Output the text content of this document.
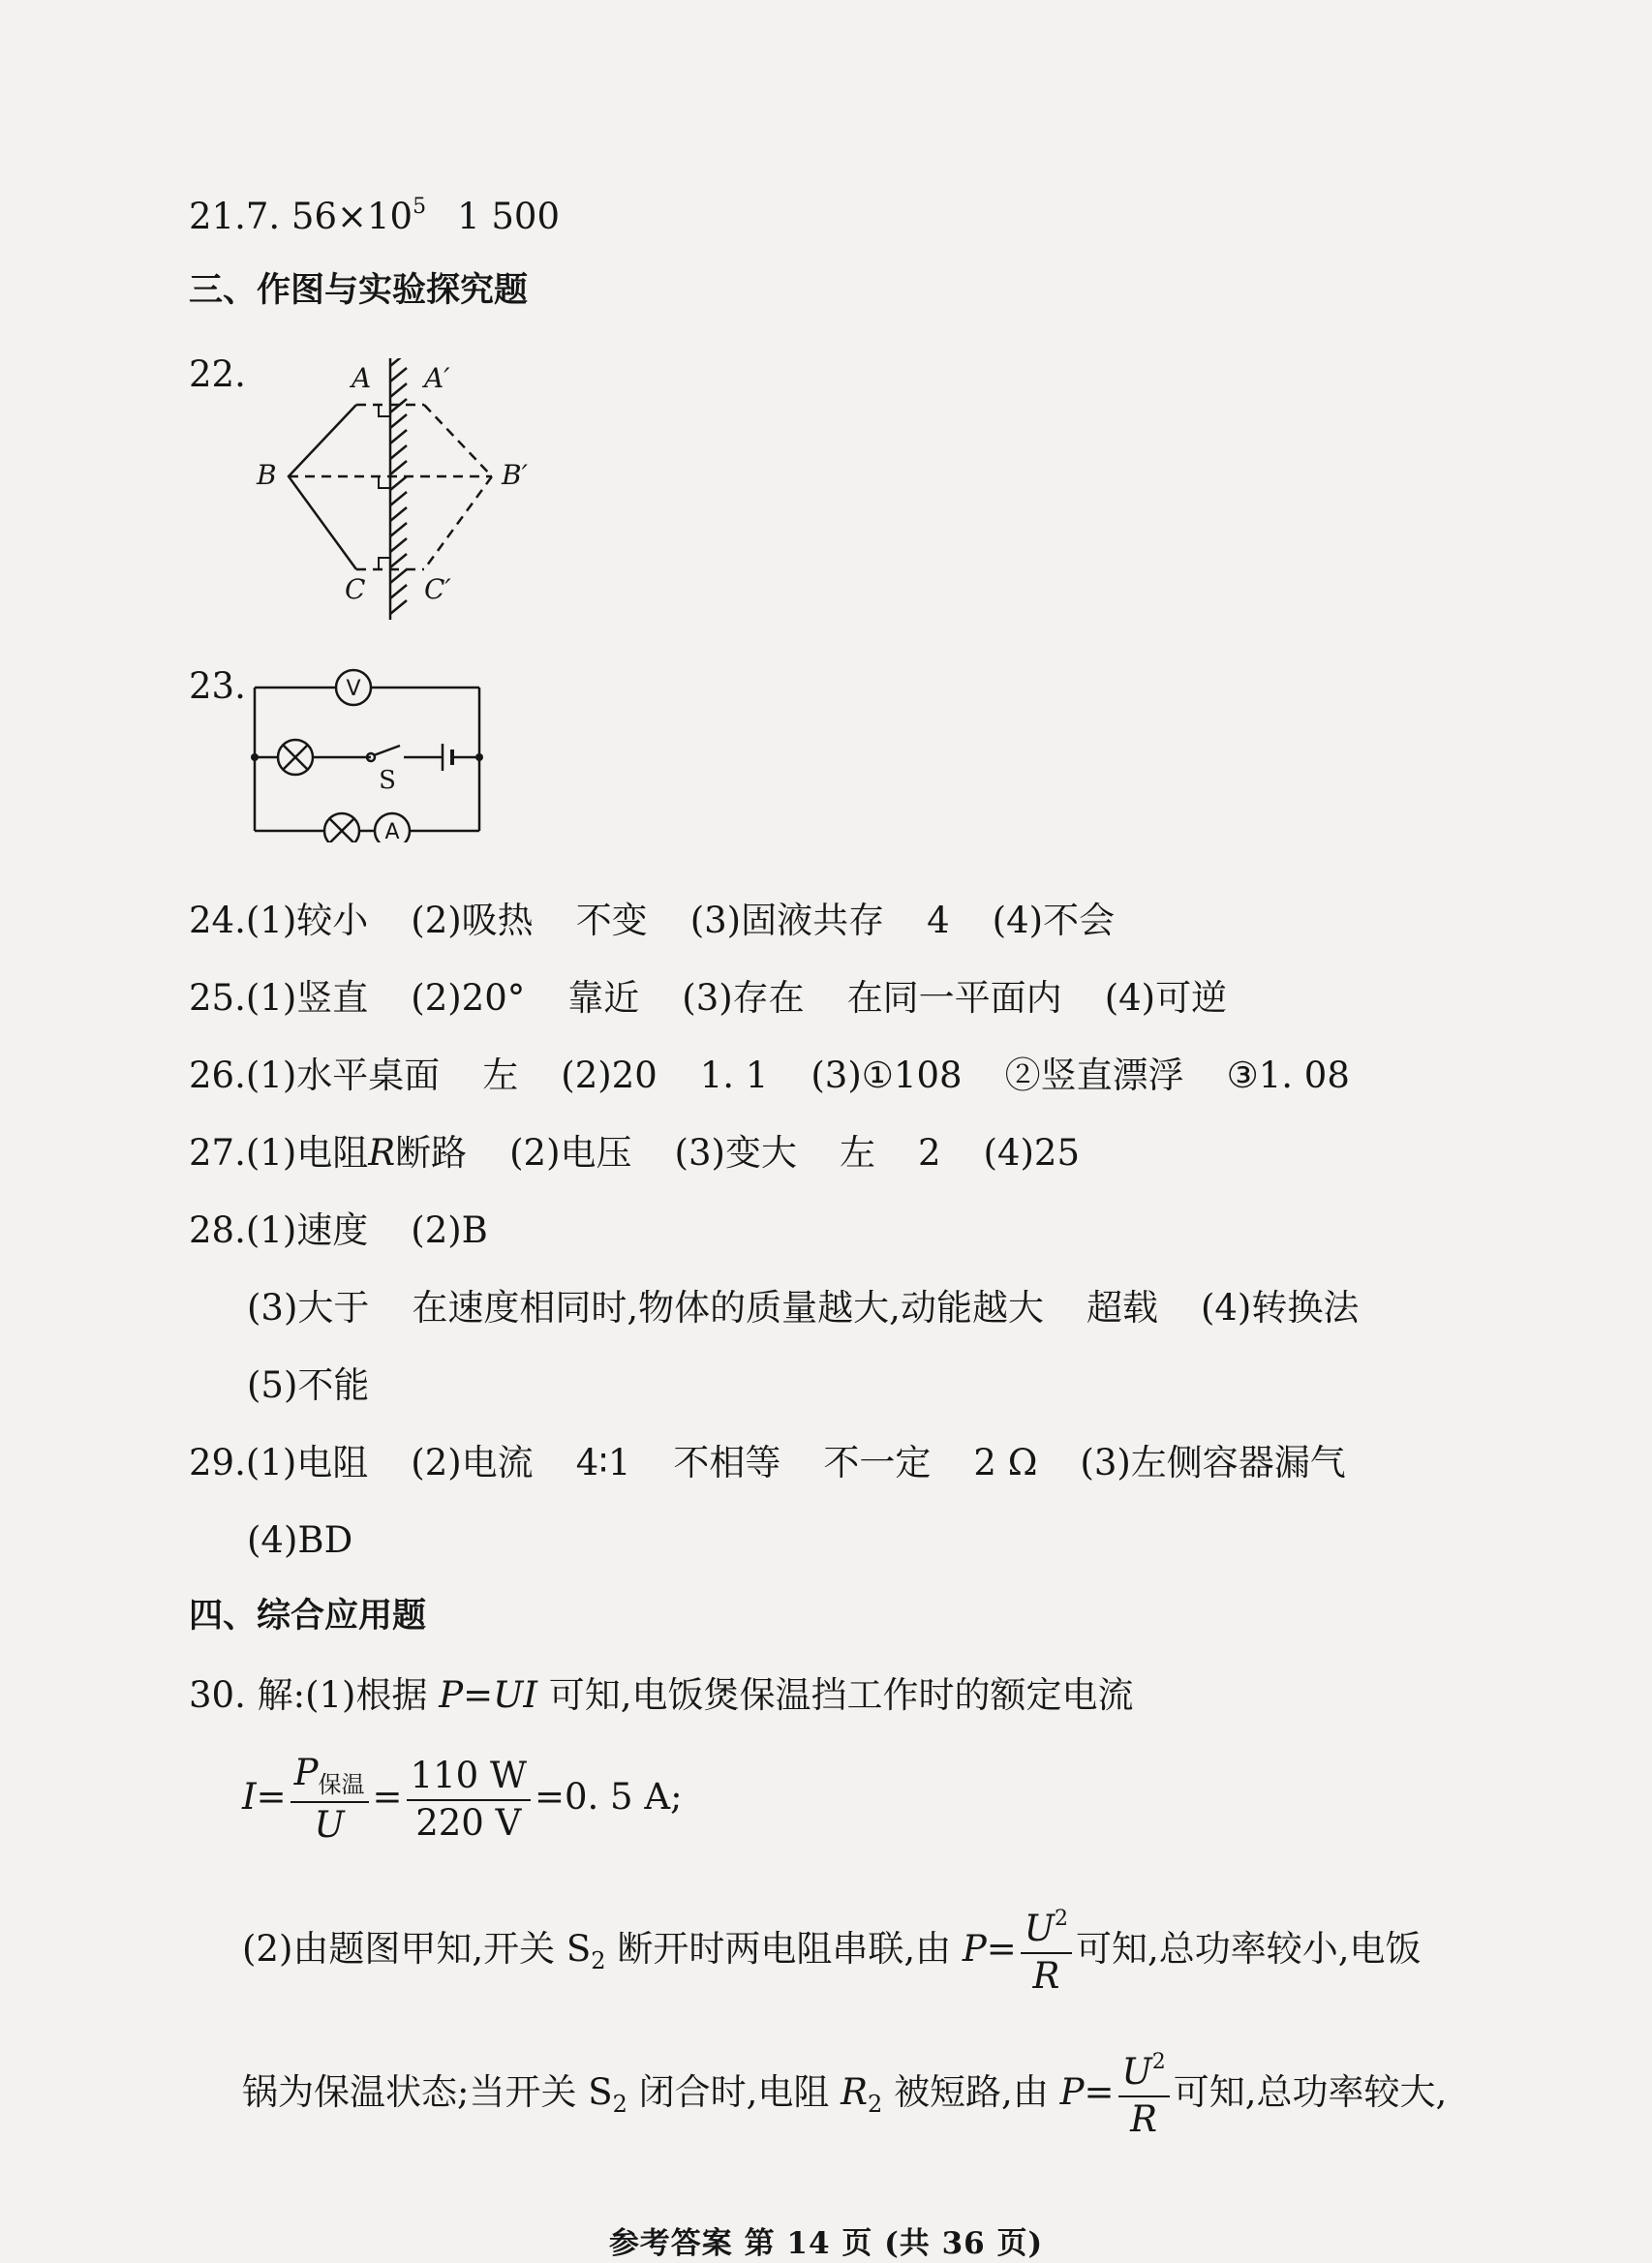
21.7. $56\times 10^5$ 1 500
三、作图与实验探究题
22.	A A′
B	B′
C C′
23.	V
A
S
24.(1)较小 (2)吸热 不变 (3)固液共存 4 (4)不会
25.(1)竖直 (2)20° 靠近 (3)存在 在同一平面内 (4)可逆
26.(1)水平桌面 左 (2)20 1. 1 (3)①108 ②竖直漂浮 ③1. 08
27.(1)电阻R断路 (2)电压 (3)变大 左 2 (4)25
28.(1)速度 (2)B
(3)大于 在速度相同时,物体的质量越大,动能越大 超载 (4)转换法
(5)不能
29.(1)电阻 (2)电流 4∶1 不相等 不一定 2 Ω (3)左侧容器漏气
(4)BD
四、综合应用题
30. 解:(1)根据 P=UI 可知,电饭煲保温挡工作时的额定电流
$I= \frac{P_{保温}}{U} = \frac{110 W}{220 V} =0$. 5 A;
(2)由题图甲知,开关 $S_2$ 断开时两电阻串联,由 $P= \frac{U^2}{R}$ 可知,总功率较小,电饭
锅为保温状态;当开关 $S_2$ 闭合时,电阻 $R_2$ 被短路,由 $P= \frac{U^2}{R}$ 可知,总功率较大,
参考答案 第 14 页 (共 36 页)
